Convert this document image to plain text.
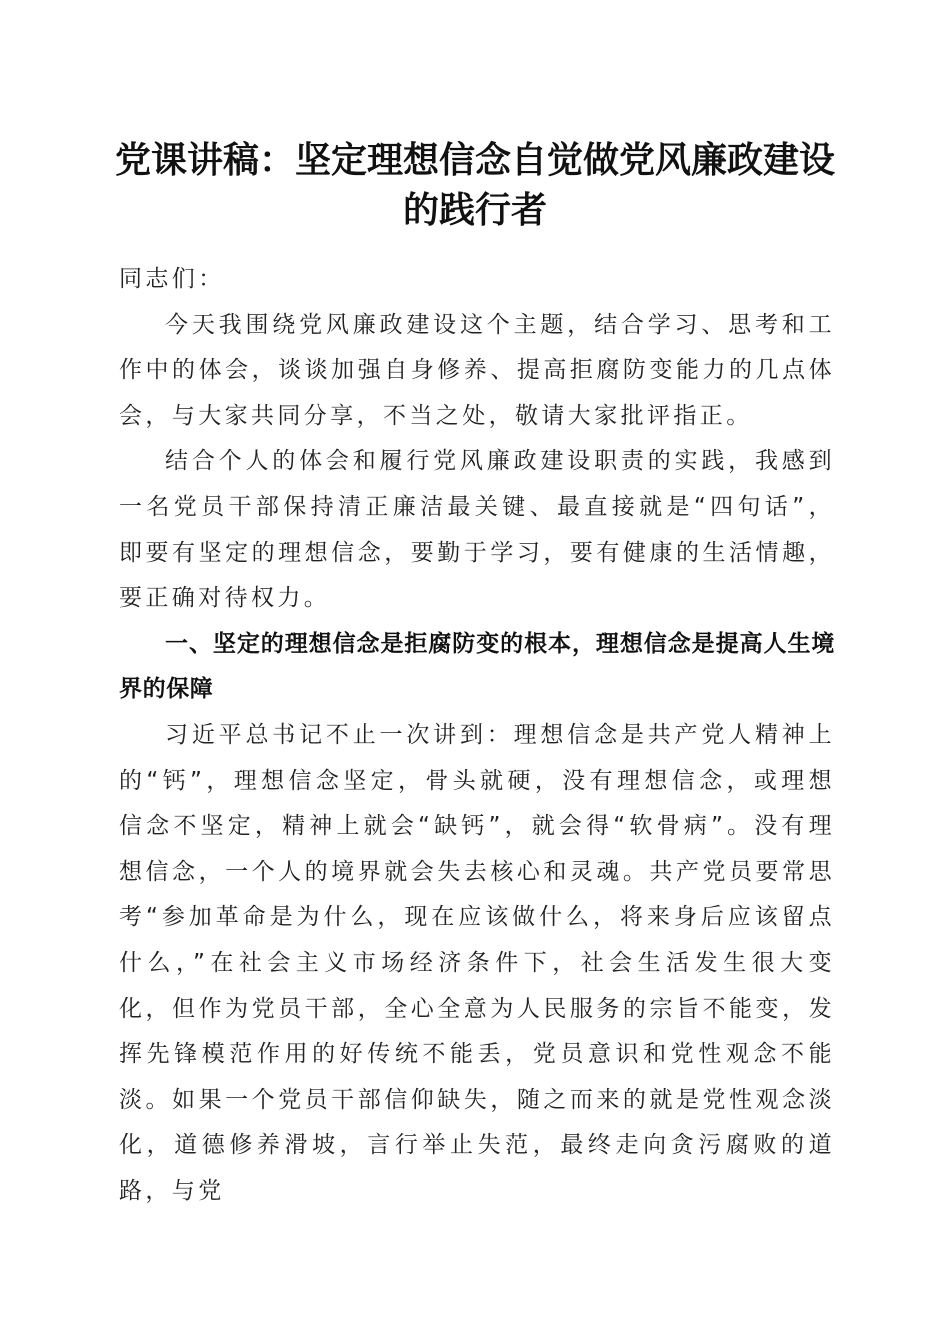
党课讲稿：坚定理想信念自觉做党风廉政建设的践行者

同志们：

今天我围绕党风廉政建设这个主题，结合学习、思考和工作中的体会，谈谈加强自身修养、提高拒腐防变能力的几点体会，与大家共同分享，不当之处，敬请大家批评指正。

结合个人的体会和履行党风廉政建设职责的实践，我感到一名党员干部保持清正廉洁最关键、最直接就是“四句话”，即要有坚定的理想信念，要勤于学习，要有健康的生活情趣，要正确对待权力。

一、坚定的理想信念是拒腐防变的根本，理想信念是提高人生境界的保障

习近平总书记不止一次讲到：理想信念是共产党人精神上的“钙”，理想信念坚定，骨头就硬，没有理想信念，或理想信念不坚定，精神上就会“缺钙”，就会得“软骨病”。没有理想信念，一个人的境界就会失去核心和灵魂。共产党员要常思考“参加革命是为什么，现在应该做什么，将来身后应该留点什么，”在社会主义市场经济条件下，社会生活发生很大变化，但作为党员干部，全心全意为人民服务的宗旨不能变，发挥先锋模范作用的好传统不能丢，党员意识和党性观念不能淡。如果一个党员干部信仰缺失，随之而来的就是党性观念淡化，道德修养滑坡，言行举止失范，最终走向贪污腐败的道路，与党
